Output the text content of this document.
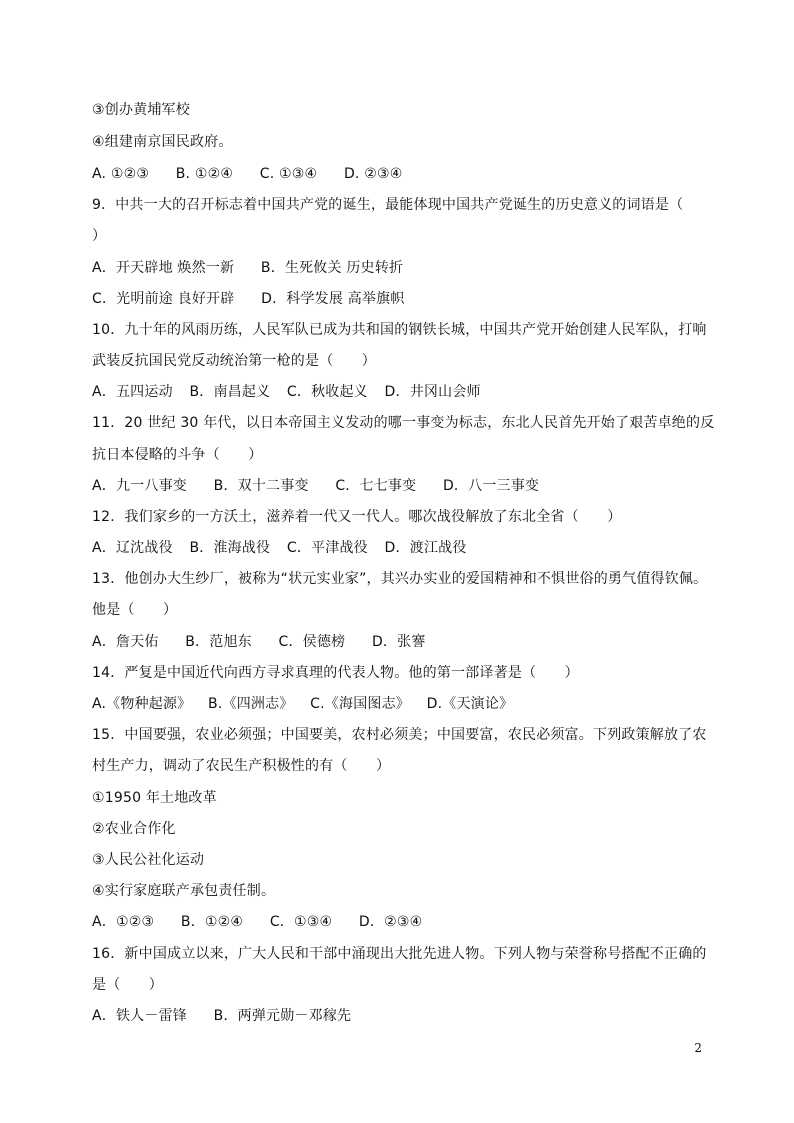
③创办黄埔军校
④组建南京国民政府。
A. ①②③ B. ①②④ C. ①③④ D. ②③④
9．中共一大的召开标志着中国共产党的诞生，最能体现中国共产党诞生的历史意义的词语是（
）
A．开天辟地 焕然一新 B．生死攸关 历史转折
C．光明前途 良好开辟 D．科学发展 高举旗帜
10．九十年的风雨历练，人民军队已成为共和国的钢铁长城，中国共产党开始创建人民军队，打响
武装反抗国民党反动统治第一枪的是（　　）
A．五四运动 B．南昌起义 C．秋收起义 D．井冈山会师
11．20 世纪 30 年代，以日本帝国主义发动的哪一事变为标志，东北人民首先开始了艰苦卓绝的反
抗日本侵略的斗争（　　）
A．九一八事变 B．双十二事变 C．七七事变 D．八一三事变
12．我们家乡的一方沃土，滋养着一代又一代人。哪次战役解放了东北全省（　　）
A．辽沈战役 B．淮海战役 C．平津战役 D．渡江战役
13．他创办大生纱厂，被称为“状元实业家”，其兴办实业的爱国精神和不惧世俗的勇气值得钦佩。
他是（　　）
A．詹天佑 B．范旭东 C．侯德榜 D．张謇
14．严复是中国近代向西方寻求真理的代表人物。他的第一部译著是（　　）
A.《物种起源》 B.《四洲志》 C.《海国图志》 D.《天演论》
15．中国要强，农业必须强；中国要美，农村必须美；中国要富，农民必须富。下列政策解放了农
村生产力，调动了农民生产积极性的有（　　）
①1950 年土地改革
②农业合作化
③人民公社化运动
④实行家庭联产承包责任制。
A．①②③ B．①②④ C．①③④ D．②③④
16．新中国成立以来，广大人民和干部中涌现出大批先进人物。下列人物与荣誉称号搭配不正确的
是（　　）
A．铁人－雷锋 B．两弹元勋－邓稼先
2
